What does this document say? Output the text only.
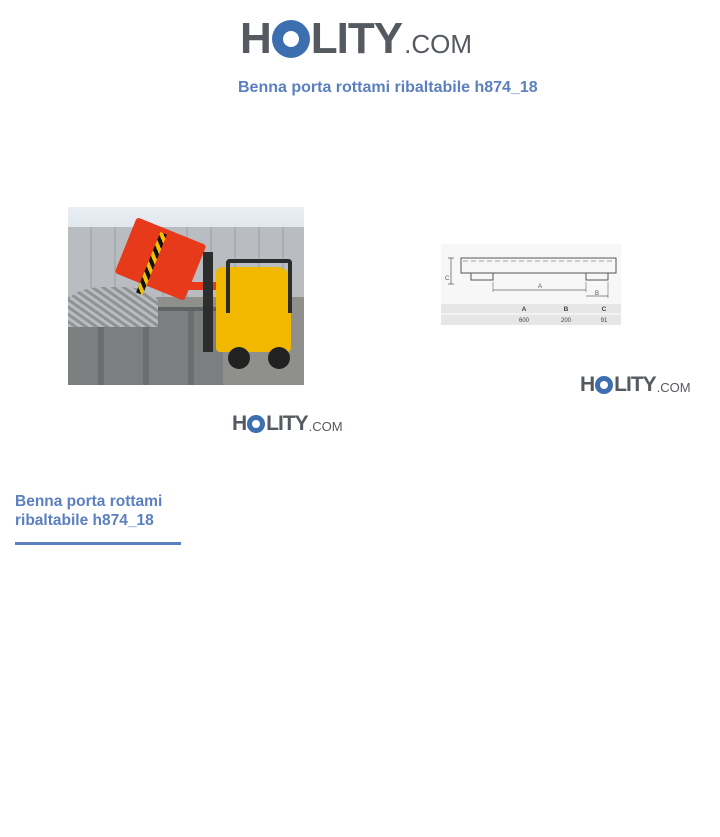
H LITY .COM
Benna porta rottami ribaltabile h874_18
H LITY .COM
C
A
B
A	B	C
600	200	91
H LITY .COM
Benna porta rottami ribaltabile h874_18
